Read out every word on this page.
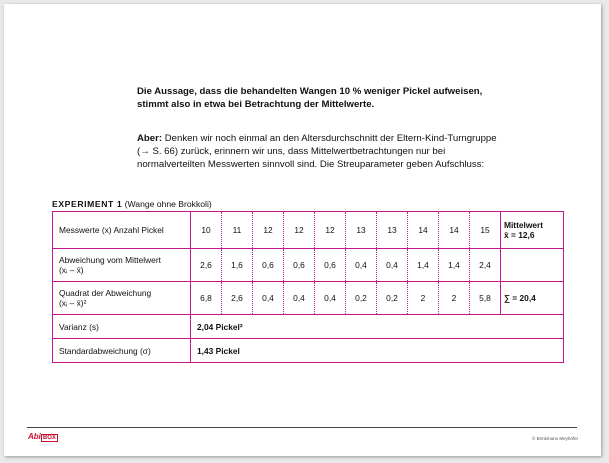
Die Aussage, dass die behandelten Wangen 10 % weniger Pickel aufweisen, stimmt also in etwa bei Betrachtung der Mittelwerte.
Aber: Denken wir noch einmal an den Altersdurchschnitt der Eltern-Kind-Turngruppe (→ S. 66) zurück, erinnern wir uns, dass Mittelwertbetrachtungen nur bei normalverteilten Messwerten sinnvoll sind. Die Streuparameter geben Aufschluss:
EXPERIMENT 1 (Wange ohne Brokkoli)
Messwerte (x) Anzahl Pickel	10	11	12	12	12	13	13	14	14	15	Mittelwert
x̄ = 12,6

Abweichung vom Mittelwert
(xᵢ – x̄)	2,6	1,6	0,6	0,6	0,6	0,4	0,4	1,4	1,4	2,4	

Quadrat der Abweichung
(xᵢ – x̄)²	6,8	2,6	0,4	0,4	0,4	0,2	0,2	2	2	5,8	∑ = 20,4
Varianz (s)	2,04 Pickel²										
Standardabweichung (σ)	1,43 Pickel										
Abi BOX	© Brinkmann Meyhöfer
